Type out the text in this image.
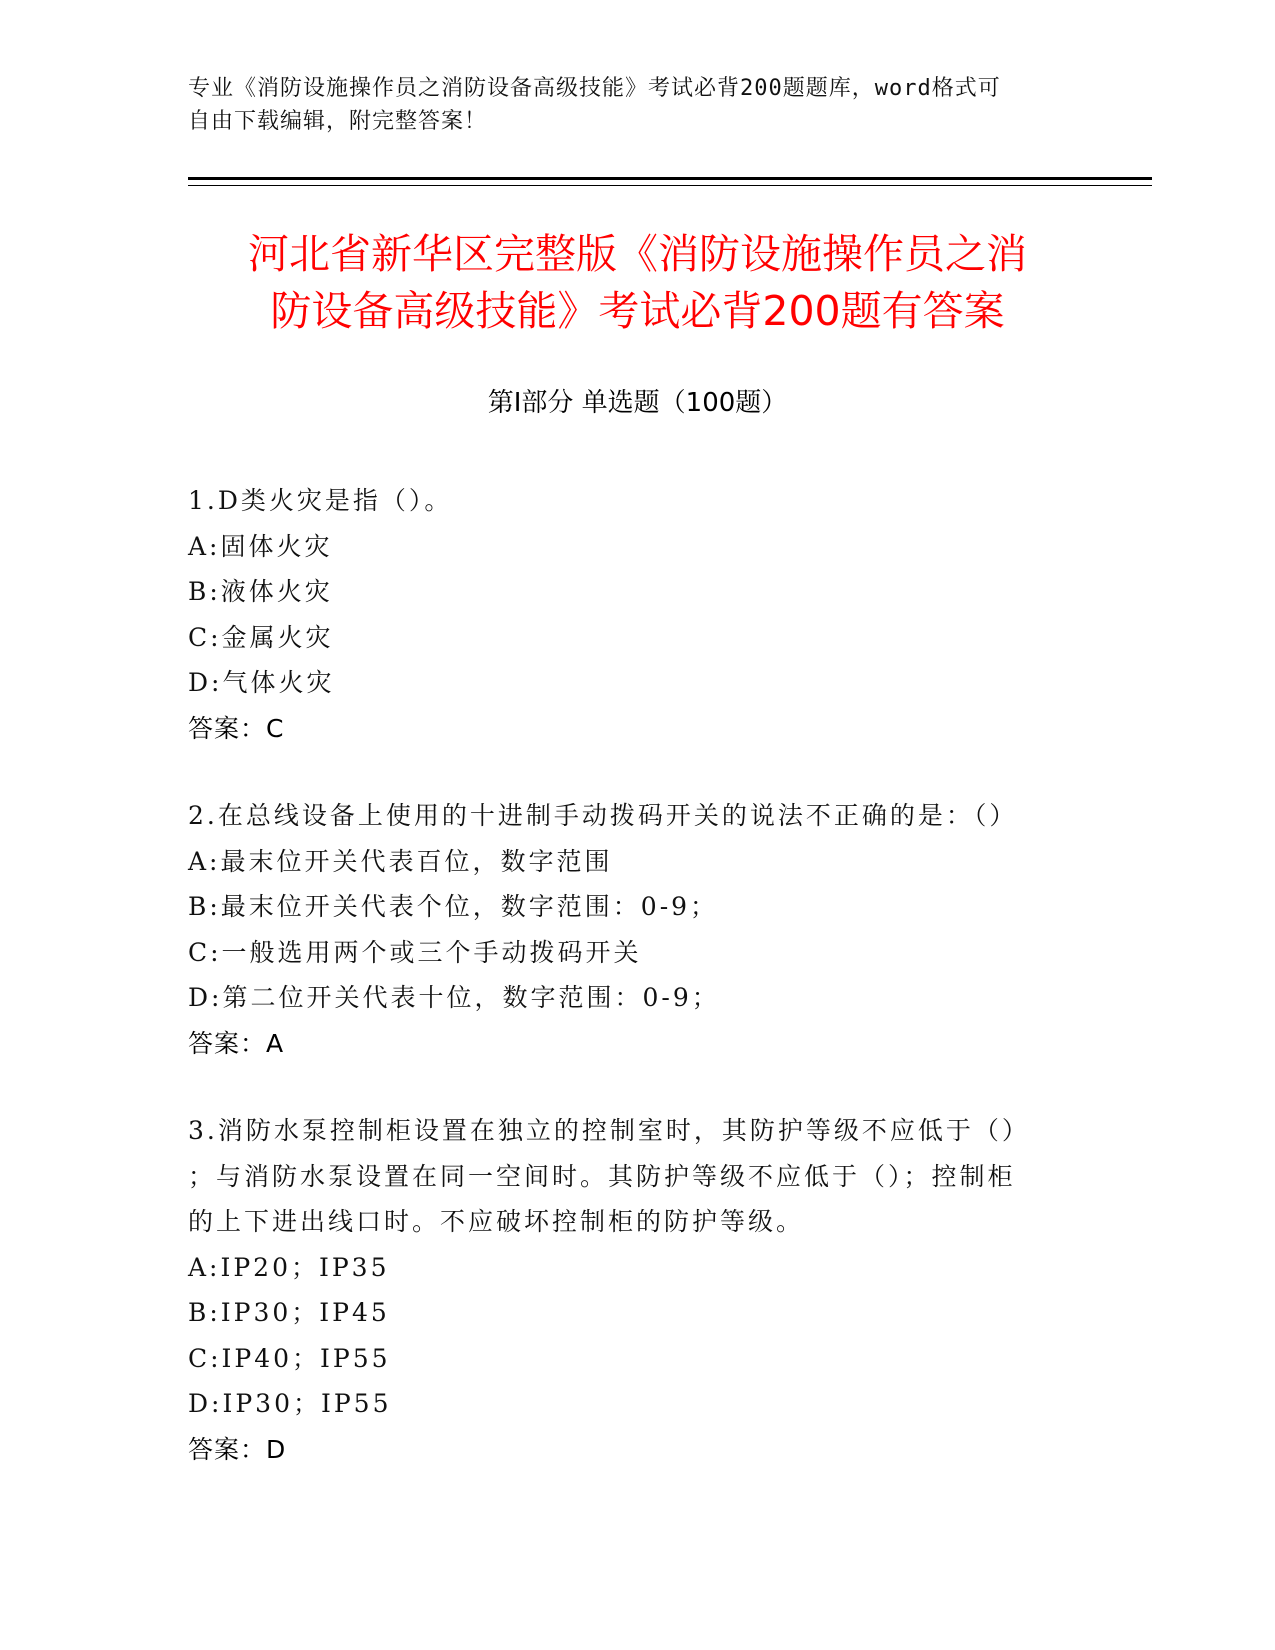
专业《消防设施操作员之消防设备高级技能》考试必背200题题库，word格式可
自由下载编辑，附完整答案！
河北省新华区完整版《消防设施操作员之消
防设备高级技能》考试必背200题有答案
第Ⅰ部分 单选题（100题）
1.D类火灾是指（）。
A:固体火灾
B:液体火灾
C:金属火灾
D:气体火灾
答案：C
2.在总线设备上使用的十进制手动拨码开关的说法不正确的是：（）
A:最末位开关代表百位，数字范围
B:最末位开关代表个位，数字范围：0-9；
C:一般选用两个或三个手动拨码开关
D:第二位开关代表十位，数字范围：0-9；
答案：A
3.消防水泵控制柜设置在独立的控制室时，其防护等级不应低于（）
；与消防水泵设置在同一空间时。其防护等级不应低于（）；控制柜
的上下进出线口时。不应破坏控制柜的防护等级。
A:IP20；IP35
B:IP30；IP45
C:IP40；IP55
D:IP30；IP55
答案：D
